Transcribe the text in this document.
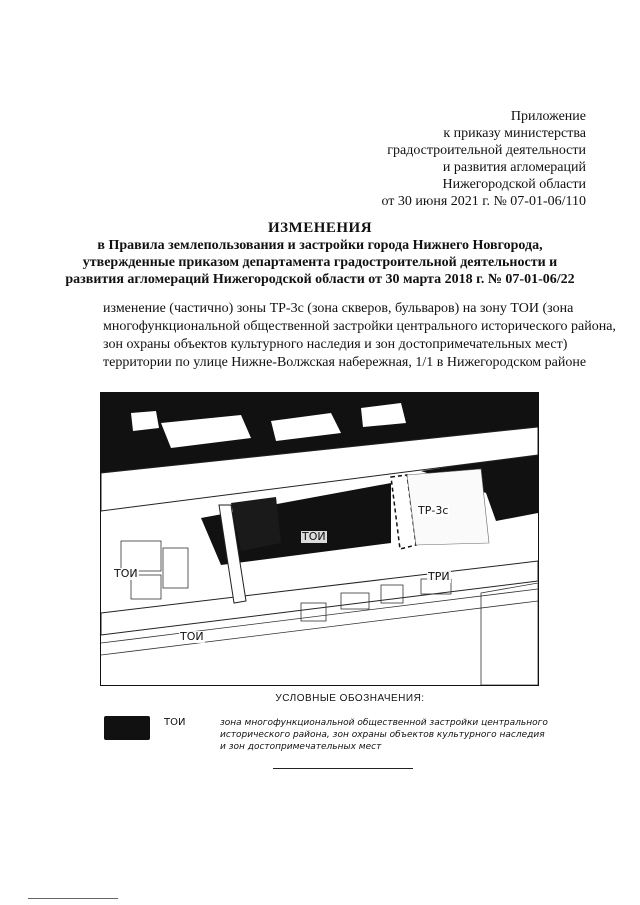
Приложение
к приказу министерства
градостроительной деятельности
и развития агломераций
Нижегородской области
от 30 июня 2021 г. № 07-01-06/110
ИЗМЕНЕНИЯ
в Правила землепользования и застройки города Нижнего Новгорода,
утвержденные приказом департамента градостроительной деятельности и
развития агломераций Нижегородской области от 30 марта 2018 г. № 07-01-06/22
изменение (частично) зоны ТР-3с (зона скверов, бульваров) на зону ТОИ (зона
многофункциональной общественной застройки центрального исторического района,
зон охраны объектов культурного наследия и зон достопримечательных мест)
территории по улице Нижне-Волжская набережная, 1/1 в Нижегородском районе
ТОИ
ТР-3с
ТОИ	ТРИ
ТОИ
УСЛОВНЫЕ ОБОЗНАЧЕНИЯ:
ТОИ	зона многофункциональной общественной застройки центрального
исторического района, зон охраны объектов культурного наследия
и зон достопримечательных мест
